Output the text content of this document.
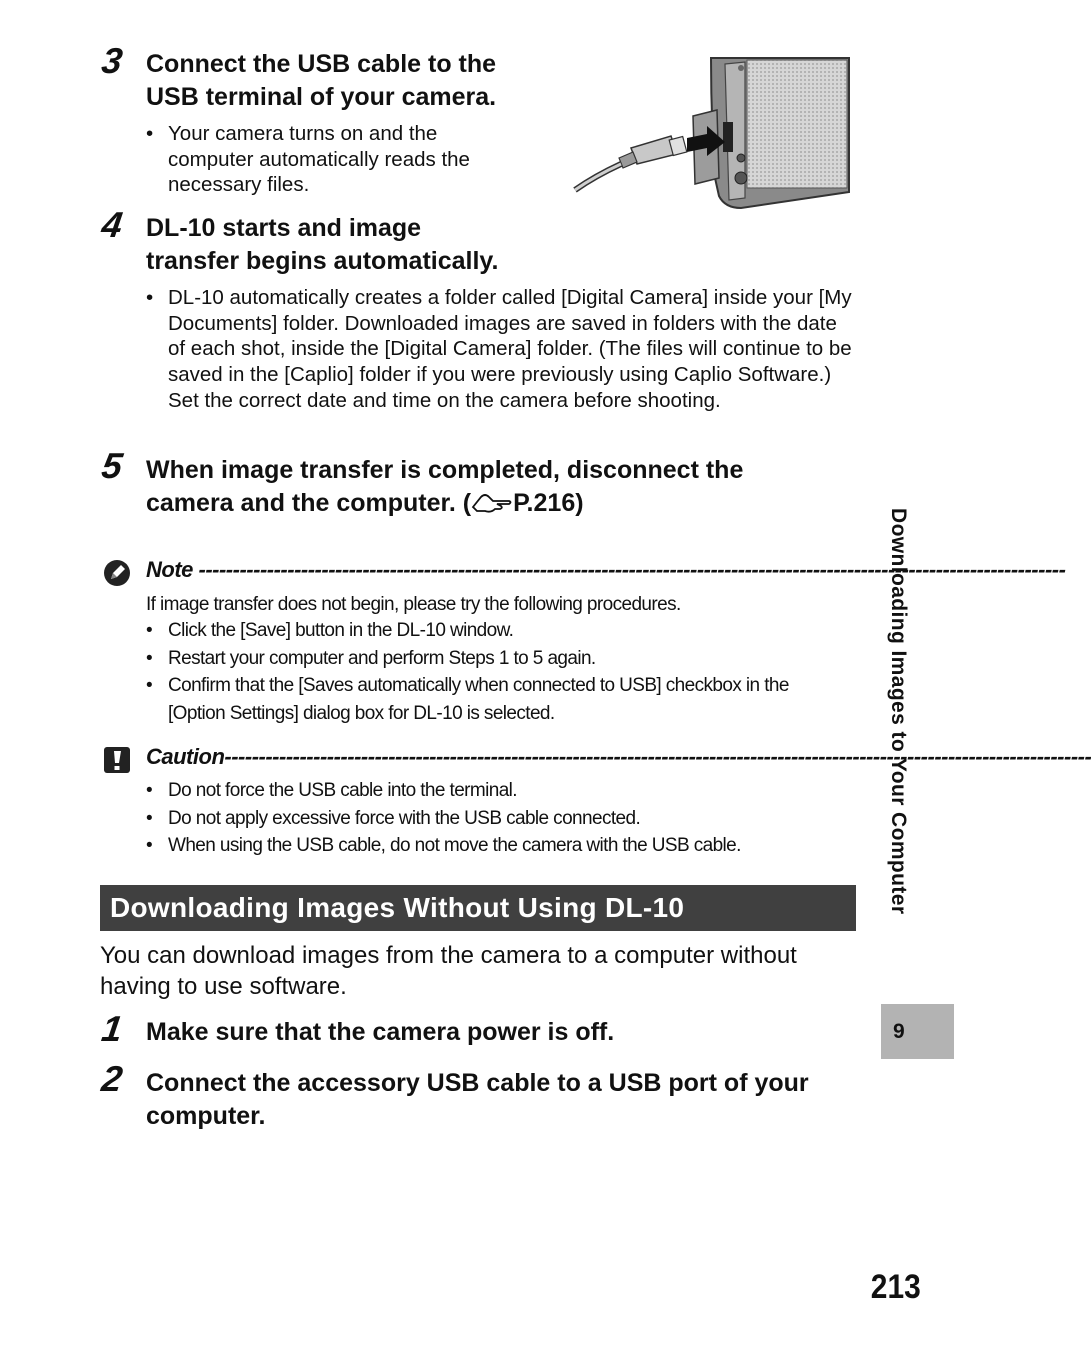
3 Connect the USB cable to the
USB terminal of your camera.
• Your camera turns on and the
computer automatically reads the
necessary files.
4 DL-10 starts and image
transfer begins automatically.
• DL-10 automatically creates a folder called [Digital Camera] inside your [My Documents] folder. Downloaded images are saved in folders with the date of each shot, inside the [Digital Camera] folder. (The files will continue to be saved in the [Caplio] folder if you were previously using Caplio Software.) Set the correct date and time on the camera before shooting.
5 When image transfer is completed, disconnect the
camera and the computer. ( P.216)
Note -------------------------------------------------------------------------------------------------------------------------------
If image transfer does not begin, please try the following procedures.
• Click the [Save] button in the DL-10 window.
• Restart your computer and perform Steps 1 to 5 again.
• Confirm that the [Saves automatically when connected to USB] checkbox in the [Option Settings] dialog box for DL-10 is selected.
Caution-------------------------------------------------------------------------------------------------------------------------------
• Do not force the USB cable into the terminal.
• Do not apply excessive force with the USB cable connected.
• When using the USB cable, do not move the camera with the USB cable.
Downloading Images Without Using DL-10
You can download images from the camera to a computer without having to use software.
1 Make sure that the camera power is off.
2 Connect the accessory USB cable to a USB port of your
computer.
Downloading Images to Your Computer
9
213
